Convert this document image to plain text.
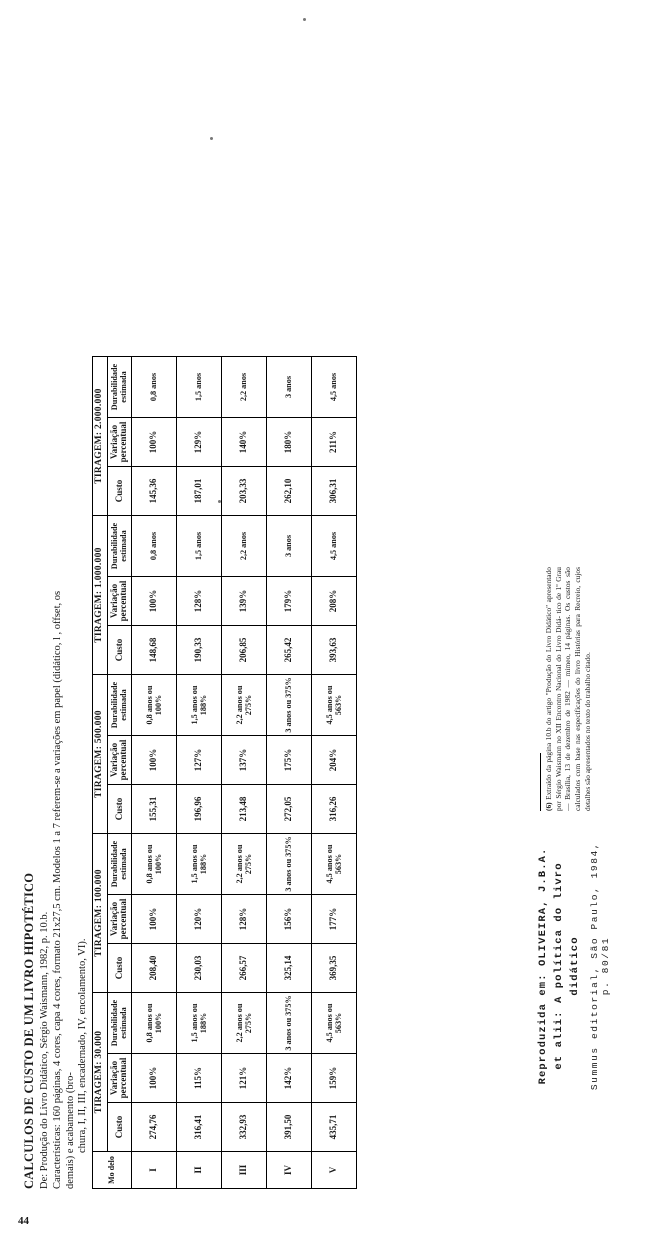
CALCULOS DE CUSTO DE UM LIVRO HIPOTÉTICO De: Produção do Livro Didático, Sérgio Waismann, 1982, p. 10.b. Características: 160 páginas, 4 cores, capa 4 cores, formato 21x27,5 cm. Modelos 1 a 7 referem-se a variações em papel (didático, l , offset, os demais) e acabamento (bro- chura, I, II, III, encadernado, IV, encolamento, VI).
Mo delo	TIRAGEM: 30.000			TIRAGEM: 100.000			TIRAGEM: 500.000			TIRAGEM: 1.000.000			TIRAGEM: 2.000.000		
	Custo	Variação percentual	Durabilidade estimada	Custo	Variação percentual	Durabilidade estimada	Custo	Variação percentual	Durabilidade estimada	Custo	Variação percentual	Durabilidade estimada	Custo	Variação percentual	Durabilidade estimada
I	274,76	100%	0,8 anos ou 100%	208,40	100%	0,8 anos ou 100%	155,31	100%	0,8 anos ou 100%	148,68	100%	0,8 anos	145,36	100%	0,8 anos
II	316,41	115%	1,5 anos ou 188%	230,03	120%	1,5 anos ou 188%	196,96	127%	1,5 anos ou 188%	190,33	128%	1,5 anos	187,01	129%	1,5 anos
III	332,93	121%	2,2 anos ou 275%	266,57	128%	2,2 anos ou 275%	213,48	137%	2,2 anos ou 275%	206,85	139%	2,2 anos	203,33	140%	2,2 anos
IV	391,50	142%	3 anos ou 375%	325,14	156%	3 anos ou 375%	272,05	175%	3 anos ou 375%	265,42	179%	3 anos	262,10	180%	3 anos
V	435,71	159%	4,5 anos ou 563%	369,35	177%	4,5 anos ou 563%	316,26	204%	4,5 anos ou 563%	393,63	208%	4,5 anos	306,31	211%	4,5 anos
Reproduzida em: OLIVEIRA, J.B.A. et alii: A política do livro didático Summus editorial, São Paulo, 1984, p. 80/81
(6) Extraído da página 10.b do artigo "Produção do Livro Didático" apresentado por Sérgio Waismann no XII Encontro Nacional do Livro Didá- tico de 1º Grau — Brasília, 13 de dezembro de 1982 — mimeo, 14 páginas. Os custos são calculados com base nas especificações do livro Histórias para Recreio, cujos detalhes são apresentados no texto do trabalho citado.
44
